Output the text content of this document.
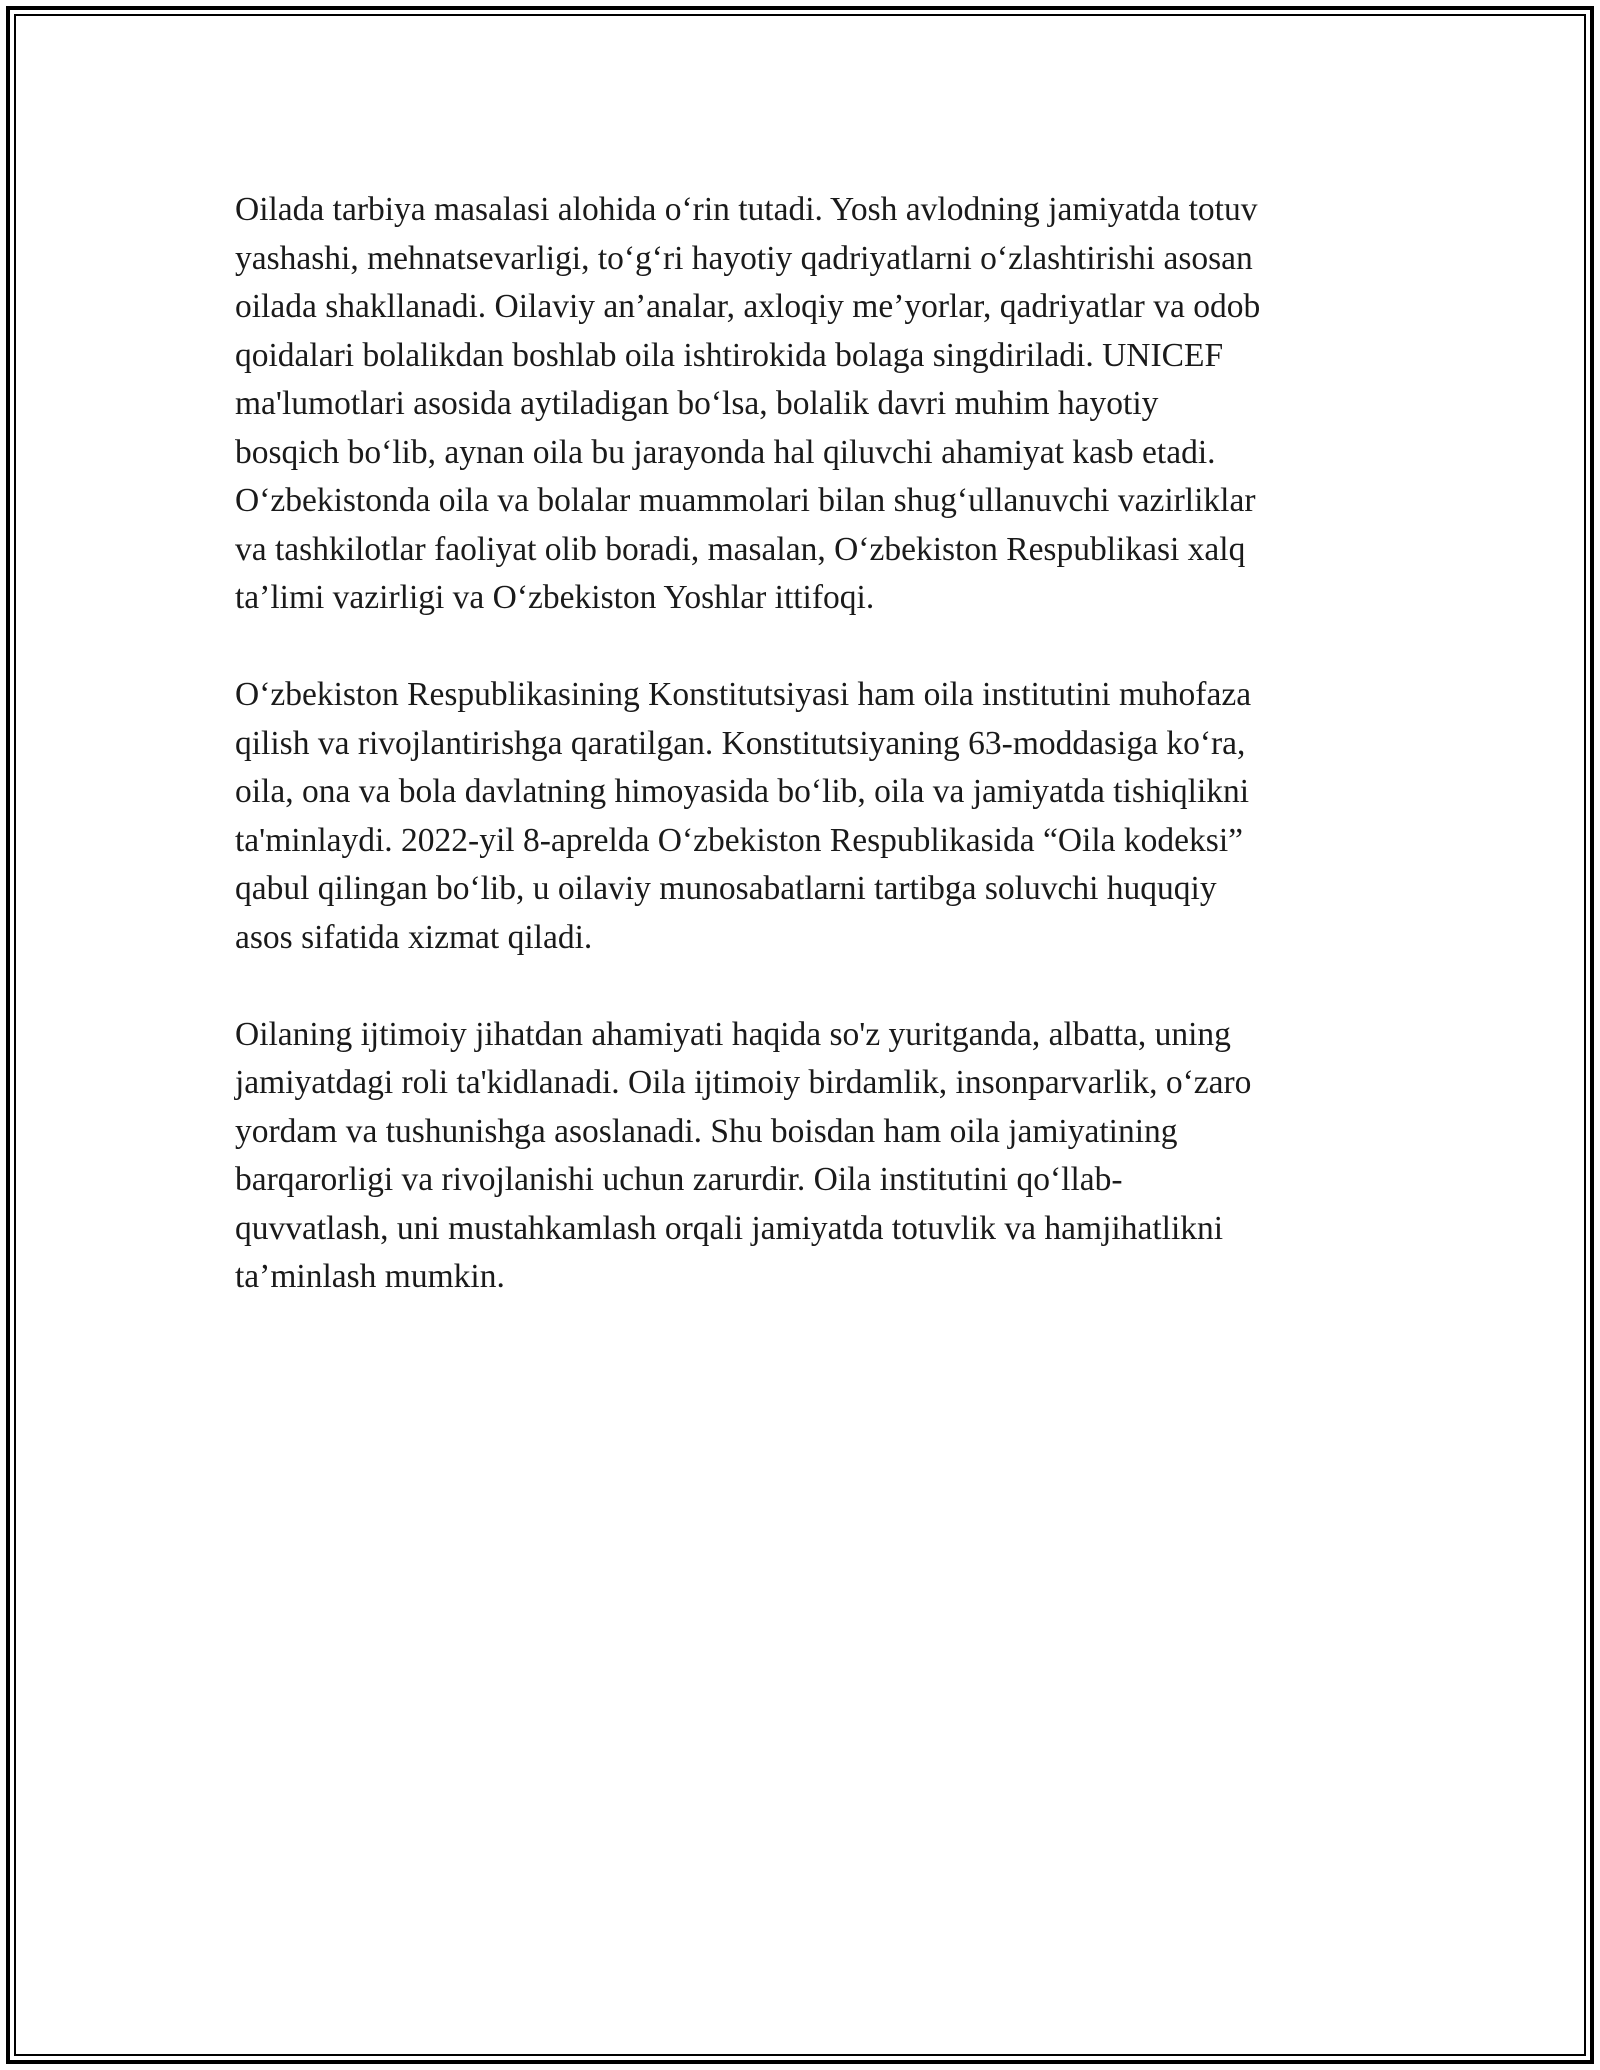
Oilada tarbiya masalasi alohida o‘rin tutadi. Yosh avlodning jamiyatda totuv
yashashi, mehnatsevarligi, to‘g‘ri hayotiy qadriyatlarni o‘zlashtirishi asosan
oilada shakllanadi. Oilaviy an’analar, axloqiy me’yorlar, qadriyatlar va odob
qoidalari bolalikdan boshlab oila ishtirokida bolaga singdiriladi. UNICEF
ma'lumotlari asosida aytiladigan bo‘lsa, bolalik davri muhim hayotiy
bosqich bo‘lib, aynan oila bu jarayonda hal qiluvchi ahamiyat kasb etadi.
O‘zbekistonda oila va bolalar muammolari bilan shug‘ullanuvchi vazirliklar
va tashkilotlar faoliyat olib boradi, masalan, O‘zbekiston Respublikasi xalq
ta’limi vazirligi va O‘zbekiston Yoshlar ittifoqi.

O‘zbekiston Respublikasining Konstitutsiyasi ham oila institutini muhofaza
qilish va rivojlantirishga qaratilgan. Konstitutsiyaning 63-moddasiga ko‘ra,
oila, ona va bola davlatning himoyasida bo‘lib, oila va jamiyatda tishiqlikni
ta'minlaydi. 2022-yil 8-aprelda O‘zbekiston Respublikasida “Oila kodeksi”
qabul qilingan bo‘lib, u oilaviy munosabatlarni tartibga soluvchi huquqiy
asos sifatida xizmat qiladi.

Oilaning ijtimoiy jihatdan ahamiyati haqida so'z yuritganda, albatta, uning
jamiyatdagi roli ta'kidlanadi. Oila ijtimoiy birdamlik, insonparvarlik, o‘zaro
yordam va tushunishga asoslanadi. Shu boisdan ham oila jamiyatining
barqarorligi va rivojlanishi uchun zarurdir. Oila institutini qo‘llab-
quvvatlash, uni mustahkamlash orqali jamiyatda totuvlik va hamjihatlikni
ta’minlash mumkin.
